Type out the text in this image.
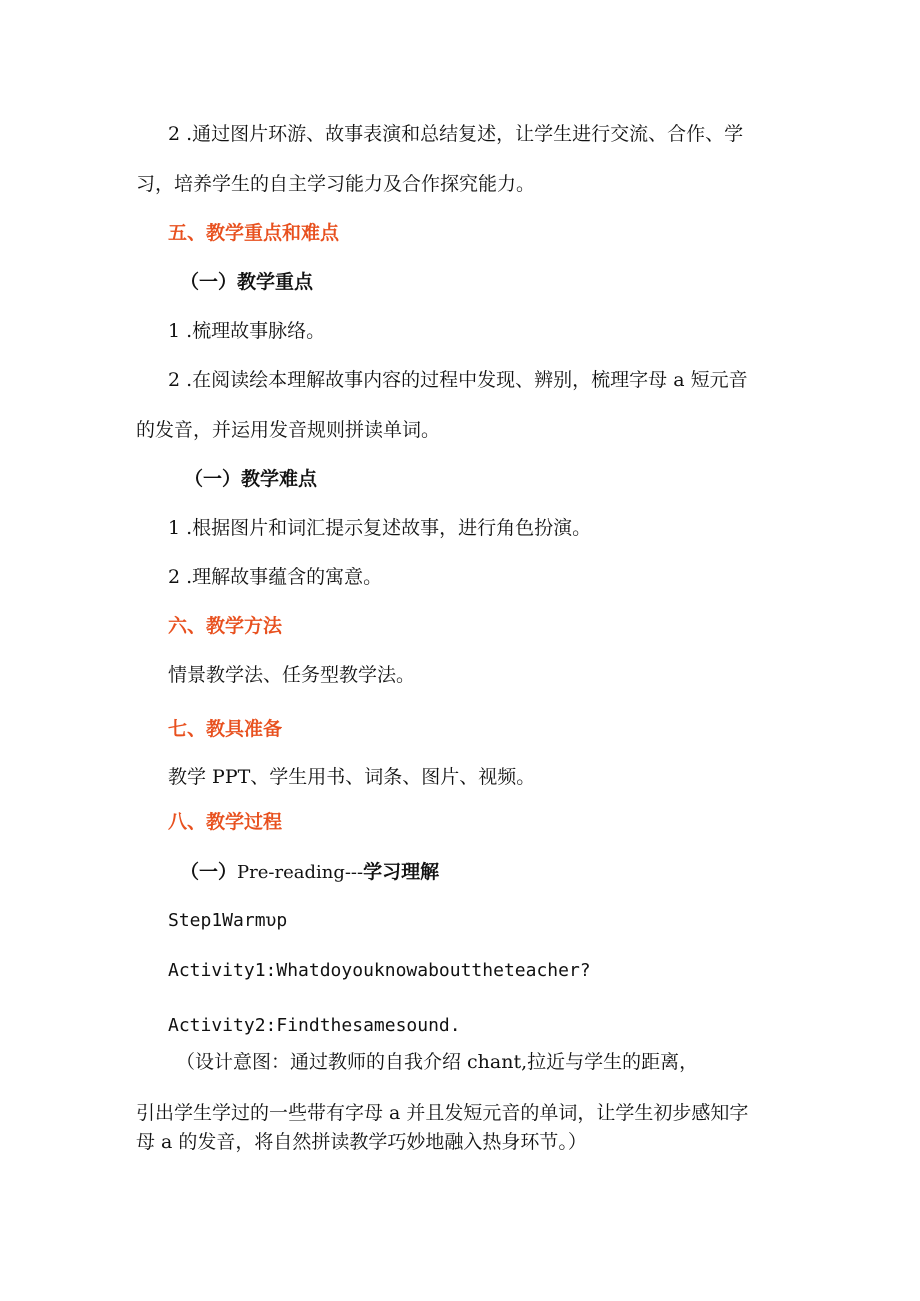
2 .通过图片环游、故事表演和总结复述，让学生进行交流、合作、学
习，培养学生的自主学习能力及合作探究能力。
五、教学重点和难点
（一）教学重点
1 .梳理故事脉络。
2 .在阅读绘本理解故事内容的过程中发现、辨别，梳理字母 a 短元音
的发音，并运用发音规则拼读单词。
（一）教学难点
1 .根据图片和词汇提示复述故事，进行角色扮演。
2 .理解故事蕴含的寓意。
六、教学方法
情景教学法、任务型教学法。
七、教具准备
教学 PPT、学生用书、词条、图片、视频。
八、教学过程
（一）Pre-reading---学习理解
Step1Warmυp
Activity1:Whatdoyouknowabouttheteacher?
Activity2:Findthesamesound.
（设计意图：通过教师的自我介绍 chant,拉近与学生的距离，
引出学生学过的一些带有字母 a 并且发短元音的单词，让学生初步感知字
母 a 的发音，将自然拼读教学巧妙地融入热身环节。）
